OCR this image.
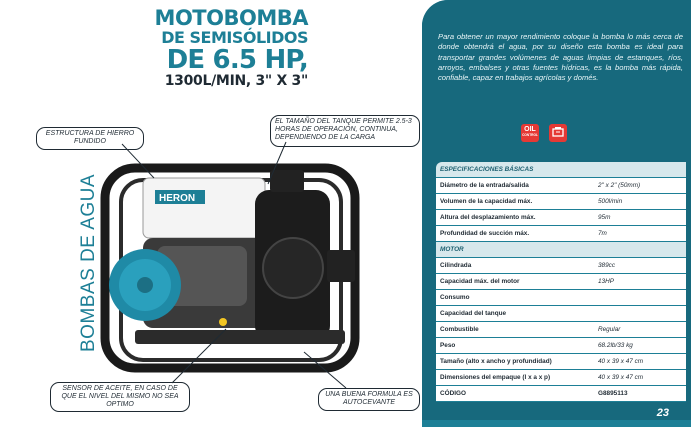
MOTOBOMBA
DE SEMISÓLIDOS
DE 6.5 HP,
1300L/MIN, 3" X 3"
BOMBAS DE AGUA	HERON
ESTRUCTURA DE HIERRO FUNDIDO
EL TAMAÑO DEL TANQUE PERMITE 2.5-3 HORAS DE OPERACIÓN, CONTINUA, DEPENDIENDO DE LA CARGA
SENSOR DE ACEITE, EN CASO DE QUE EL NIVEL DEL MISMO NO SEA OPTIMO
UNA BUENA FORMULA ES AUTOCEVANTE
Para obtener un mayor rendimiento coloque la bomba lo más cerca de donde obtendrá el agua, por su diseño esta bomba es ideal para transportar grandes volúmenes de aguas limpias de estanques, ríos, arroyos, embalses y otras fuentes hídricas, es la bomba más rápida, confiable, capaz en trabajos agrícolas y domés.
OIL
CONTROL

ESPECIFICACIONES BÁSICAS	
Diámetro de la entrada/salida	2" x 2" (50mm)
Volumen de la capacidad máx.	500l/min
Altura del desplazamiento máx.	95m
Profundidad de succión máx.	7m
MOTOR	
Cilindrada	389cc
Capacidad máx. del motor	13HP
Consumo	
Capacidad del tanque	
Combustible	Regular
Peso	68.2lb/33 kg
Tamaño (alto x ancho y profundidad)	40 x 39 x 47 cm
Dimensiones del empaque (l x a x p)	40 x 39 x 47 cm
CÓDIGO	G8895113
23
